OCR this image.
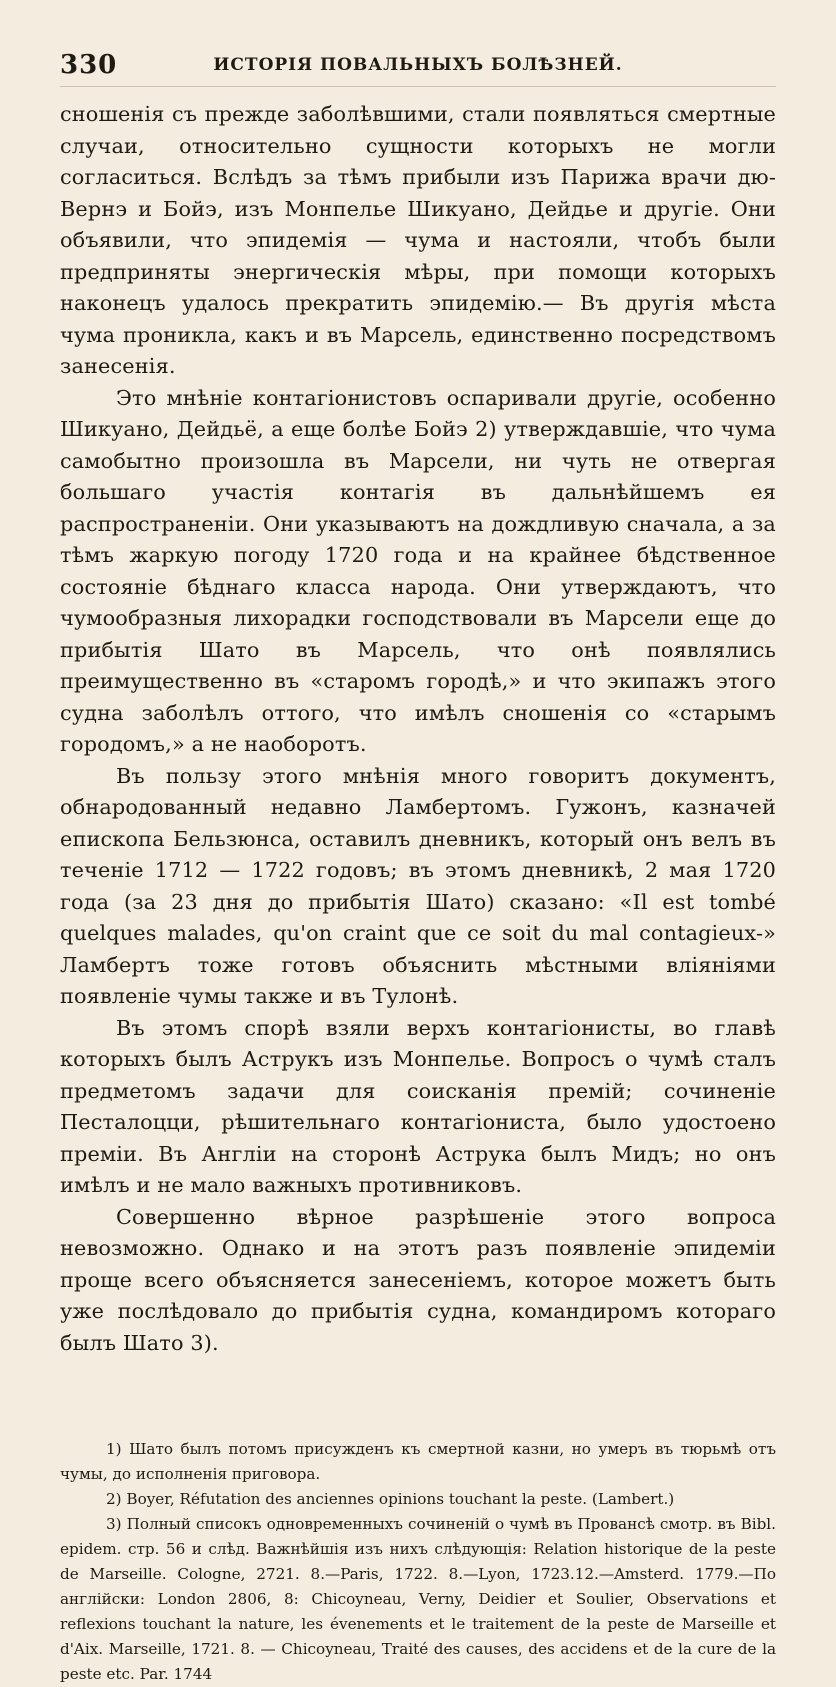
330	ИСТОРІЯ ПОВАЛЬНЫХЪ БОЛѢЗНЕЙ.

сношенія съ прежде заболѣвшими, стали появляться смертные случаи, относительно сущности которыхъ не могли согласиться. Вслѣдъ за тѣмъ прибыли изъ Парижа врачи дю-Вернэ и Бойэ, изъ Монпелье Шикуано, Дейдье и другіе. Они объявили, что эпидемія — чума и настояли, чтобъ были предприняты энергическія мѣры, при помощи которыхъ наконецъ удалось прекратить эпидемію.— Въ другія мѣста чума проникла, какъ и въ Марсель, единственно посредствомъ занесенія.

Это мнѣніе контагіонистовъ оспаривали другіе, особенно Шикуано, Дейдьё, а еще болѣе Бойэ 2) утверждавшіе, что чума самобытно произошла въ Марсели, ни чуть не отвергая большаго участія контагія въ дальнѣйшемъ ея распространеніи. Они указываютъ на дождливую сначала, а за тѣмъ жаркую погоду 1720 года и на крайнее бѣдственное состояніе бѣднаго класса народа. Они утверждаютъ, что чумообразныя лихорадки господствовали въ Марсели еще до прибытія Шато въ Марсель, что онѣ появлялись преимущественно въ «старомъ городѣ,» и что экипажъ этого судна заболѣлъ оттого, что имѣлъ сношенія со «старымъ городомъ,» а не наоборотъ.

Въ пользу этого мнѣнія много говоритъ документъ, обнародованный недавно Ламбертомъ. Гужонъ, казначей епископа Бельзюнса, оставилъ дневникъ, который онъ велъ въ теченіе 1712 — 1722 годовъ; въ этомъ дневникѣ, 2 мая 1720 года (за 23 дня до прибытія Шато) сказано: «Il est tombé quelques malades, qu'on craint que ce soit du mal contagieux-» Ламбертъ тоже готовъ объяснить мѣстными вліяніями появленіе чумы также и въ Тулонѣ.

Въ этомъ спорѣ взяли верхъ контагіонисты, во главѣ которыхъ былъ Аструкъ изъ Монпелье. Вопросъ о чумѣ сталъ предметомъ задачи для соисканія премій; сочиненіе Песталоцци, рѣшительнаго контагіониста, было удостоено преміи. Въ Англіи на сторонѣ Аструка былъ Мидъ; но онъ имѣлъ и не мало важныхъ противниковъ.

Совершенно вѣрное разрѣшеніе этого вопроса невозможно. Однако и на этотъ разъ появленіе эпидеміи проще всего объясняется занесеніемъ, которое можетъ быть уже послѣдовало до прибытія судна, командиромъ котораго былъ Шато 3).

1) Шато былъ потомъ присужденъ къ смертной казни, но умеръ въ тюрьмѣ отъ чумы, до исполненія приговора.

2) Boyer, Réfutation des anciennes opinions touchant la peste. (Lambert.)

3) Полный списокъ одновременныхъ сочиненій о чумѣ въ Провансѣ смотр. въ Bibl. epidem. стр. 56 и слѣд. Важнѣйшія изъ нихъ слѣдующія: Relation historique de la peste de Marseille. Cologne, 2721. 8.—Paris, 1722. 8.—Lyon, 1723.12.—Amsterd. 1779.—По англійски: London 2806, 8: Chicoyneau, Verny, Deidier et Soulier, Observations et reflexions touchant la nature, les évenements et le traitement de la peste de Marseille et d'Aix. Marseille, 1721. 8. — Chicoyneau, Traité des causes, des accidens et de la cure de la peste etc. Par. 1744
